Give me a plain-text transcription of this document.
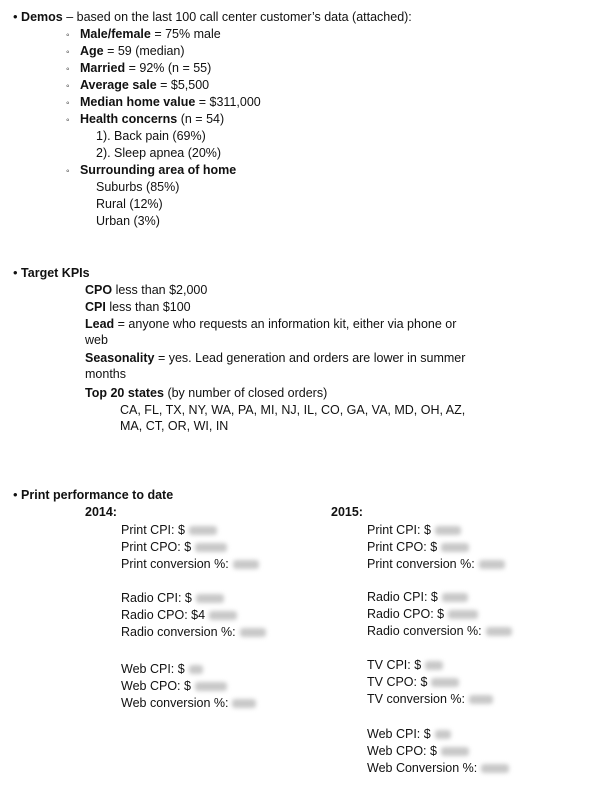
• Demos – based on the last 100 call center customer’s data (attached):
◦ Male/female = 75% male
◦ Age = 59 (median)
◦ Married = 92% (n = 55)
◦ Average sale = $5,500
◦ Median home value = $311,000
◦ Health concerns (n = 54)
1). Back pain (69%)
2). Sleep apnea (20%)
◦ Surrounding area of home
Suburbs (85%)
Rural (12%)
Urban (3%)
• Target KPIs
CPO less than $2,000
CPI less than $100
Lead = anyone who requests an information kit, either via phone or web
Seasonality = yes. Lead generation and orders are lower in summer months
Top 20 states (by number of closed orders)
CA, FL, TX, NY, WA, PA, MI, NJ, IL, CO, GA, VA, MD, OH, AZ, MA, CT, OR, WI, IN
• Print performance to date
2014:	2015:
Print CPI: $
Print CPO: $
Print conversion %:
Radio CPI: $
Radio CPO: $4
Radio conversion %:
Web CPI: $
Web CPO: $
Web conversion %:
Print CPI: $
Print CPO: $
Print conversion %:
Radio CPI: $
Radio CPO: $
Radio conversion %:
TV CPI: $
TV CPO: $
TV conversion %:
Web CPI: $
Web CPO: $
Web Conversion %:
